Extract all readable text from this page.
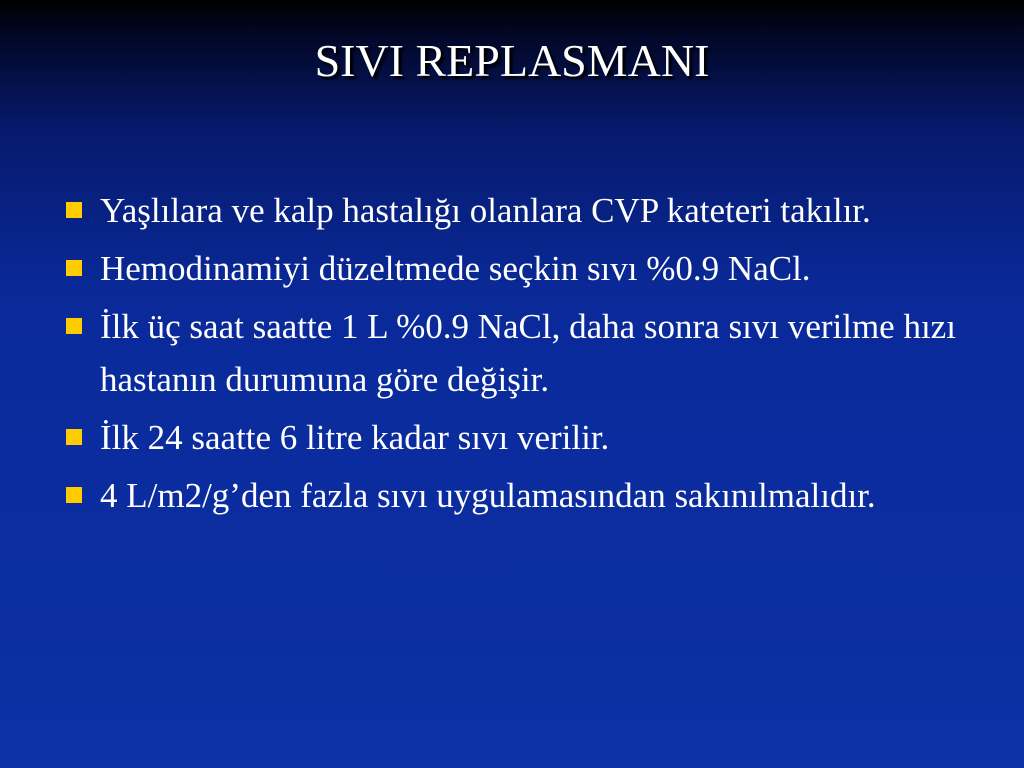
SIVI REPLASMANI
Yaşlılara ve kalp hastalığı olanlara CVP kateteri takılır.
Hemodinamiyi düzeltmede seçkin sıvı %0.9 NaCl.
İlk üç saat saatte 1 L %0.9 NaCl, daha sonra sıvı verilme hızı hastanın durumuna göre değişir.
İlk 24 saatte 6 litre kadar sıvı verilir.
4 L/m2/g’den fazla sıvı uygulamasından sakınılmalıdır.
